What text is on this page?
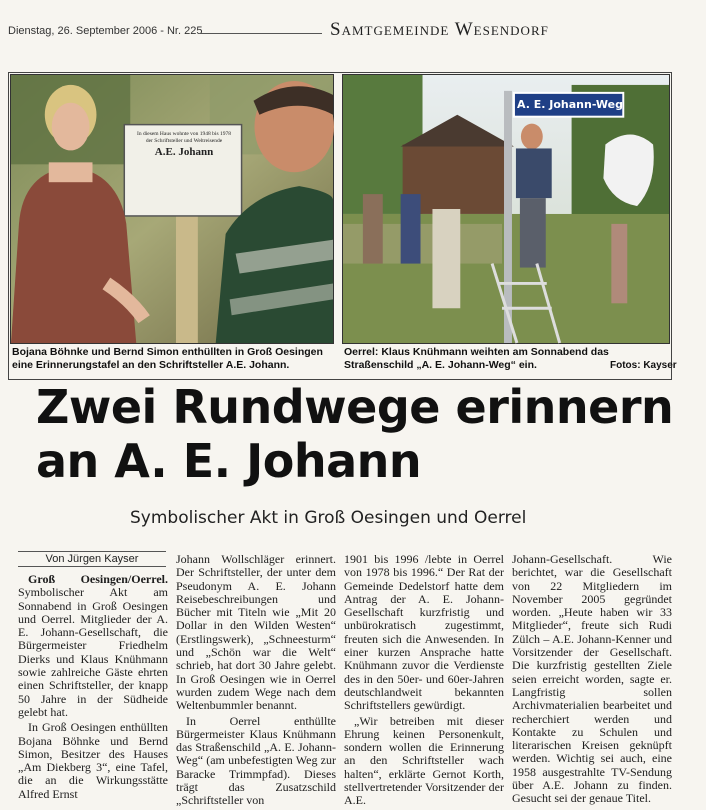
Dienstag, 26. September 2006 - Nr. 225	Samtgemeinde Wesendorf
In diesem Haus wohnte von 1948 bis 1978
der Schriftsteller und Weltreisende
A.E. Johann
A. E. Johann-Weg
Bojana Böhnke und Bernd Simon enthüllten in Groß Oesingen eine Erinnerungstafel an den Schriftsteller A.E. Johann.
Oerrel: Klaus Knühmann weihten am Sonnabend das Straßenschild „A. E. Johann-Weg“ ein.	Fotos: Kayser
Zwei Rundwege erinnern
an A. E. Johann
Symbolischer Akt in Groß Oesingen und Oerrel
Von Jürgen Kayser

Groß Oesingen/Oerrel. Symbolischer Akt am Sonnabend in Groß Oesingen und Oerrel. Mitglieder der A. E. Johann-Gesellschaft, die Bürgermeister Friedhelm Dierks und Klaus Knühmann sowie zahlreiche Gäste ehrten einen Schriftsteller, der knapp 50 Jahre in der Südheide gelebt hat.

In Groß Oesingen enthüllten Bojana Böhnke und Bernd Simon, Besitzer des Hauses „Am Diekberg 3“, eine Tafel, die an die Wirkungsstätte Alfred Ernst

Johann Wollschläger erinnert. Der Schriftsteller, der unter dem Pseudonym A. E. Johann Reisebeschreibungen und Bücher mit Titeln wie „Mit 20 Dollar in den Wilden Westen“ (Erstlingswerk), „Schneesturm“ und „Schön war die Welt“ schrieb, hat dort 30 Jahre gelebt. In Groß Oesingen wie in Oerrel wurden zudem Wege nach dem Weltenbummler benannt.

In Oerrel enthüllte Bürgermeister Klaus Knühmann das Straßenschild „A. E. Johann-Weg“ (am unbefestigten Weg zur Baracke Trimmpfad). Dieses trägt das Zusatzschild „Schriftsteller von

1901 bis 1996 /lebte in Oerrel von 1978 bis 1996.“ Der Rat der Gemeinde Dedelstorf hatte dem Antrag der A. E. Johann-Gesellschaft kurzfristig und unbürokratisch zugestimmt, freuten sich die Anwesenden. In einer kurzen Ansprache hatte Knühmann zuvor die Verdienste des in den 50er- und 60er-Jahren deutschlandweit bekannten Schriftstellers gewürdigt.

„Wir betreiben mit dieser Ehrung keinen Personenkult, sondern wollen die Erinnerung an den Schriftsteller wach halten“, erklärte Gernot Korth, stellvertretender Vorsitzender der A.E.

Johann-Gesellschaft. Wie berichtet, war die Gesellschaft von 22 Mitgliedern im November 2005 gegründet worden. „Heute haben wir 33 Mitglieder“, freute sich Rudi Zülch – A.E. Johann-Kenner und Vorsitzender der Gesellschaft. Die kurzfristig gestellten Ziele seien erreicht worden, sagte er. Langfristig sollen Archivmaterialien bearbeitet und recherchiert werden und Kontakte zu Schulen und literarischen Kreisen geknüpft werden. Wichtig sei auch, eine 1958 ausgestrahlte TV-Sendung über A.E. Johann zu finden. Gesucht sei der genaue Titel.
